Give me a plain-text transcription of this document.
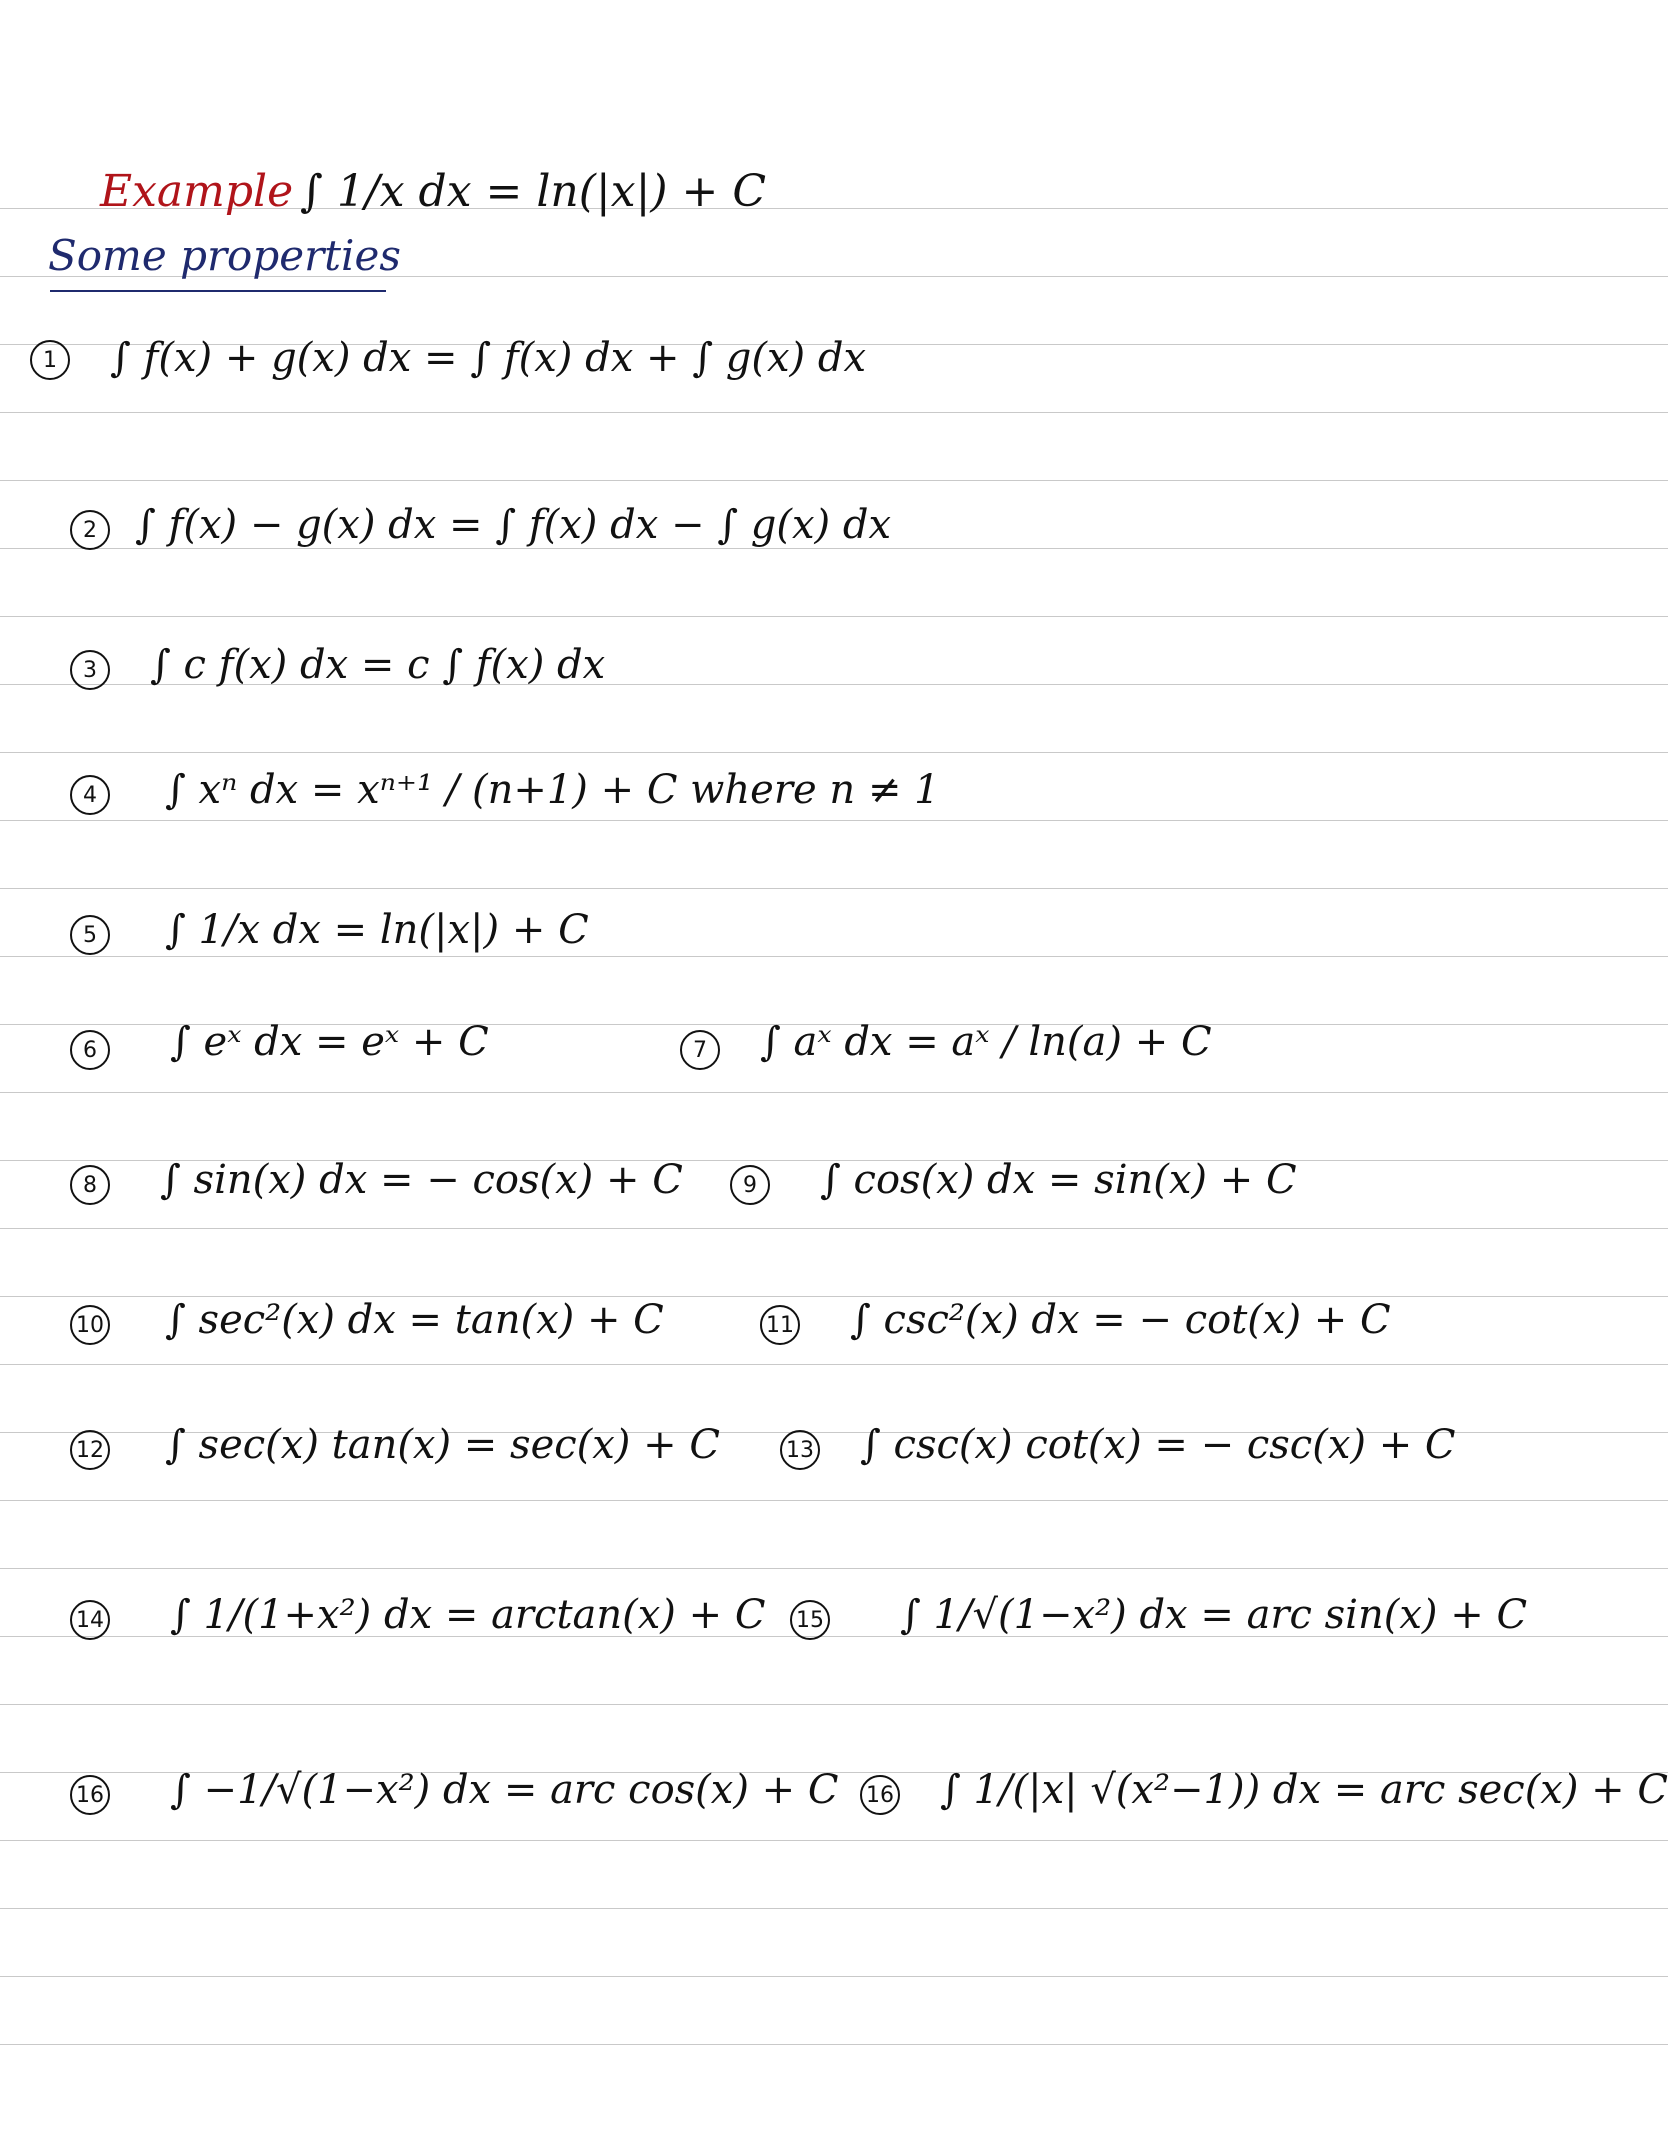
Example ∫ 1/x dx = ln(|x|) + C
Some properties
1	∫ f(x) + g(x) dx = ∫ f(x) dx + ∫ g(x) dx
2 ∫ f(x) − g(x) dx = ∫ f(x) dx − ∫ g(x) dx
3	∫ c f(x) dx = c ∫ f(x) dx
4	∫ xⁿ dx = xⁿ⁺¹ / (n+1) + C where n ≠ 1
5	∫ 1/x dx = ln(|x|) + C
6	∫ eˣ dx = eˣ + C	7	∫ aˣ dx = aˣ / ln(a) + C
8	∫ sin(x) dx = − cos(x) + C	9	∫ cos(x) dx = sin(x) + C
10 ∫ sec²(x) dx = tan(x) + C	11 ∫ csc²(x) dx = − cot(x) + C
12 ∫ sec(x) tan(x) = sec(x) + C	13 ∫ csc(x) cot(x) = − csc(x) + C
14 ∫ 1/(1+x²) dx = arctan(x) + C 15 ∫ 1/√(1−x²) dx = arc sin(x) + C
16 ∫ −1/√(1−x²) dx = arc cos(x) + C 16 ∫ 1/(|x| √(x²−1)) dx = arc sec(x) + C
